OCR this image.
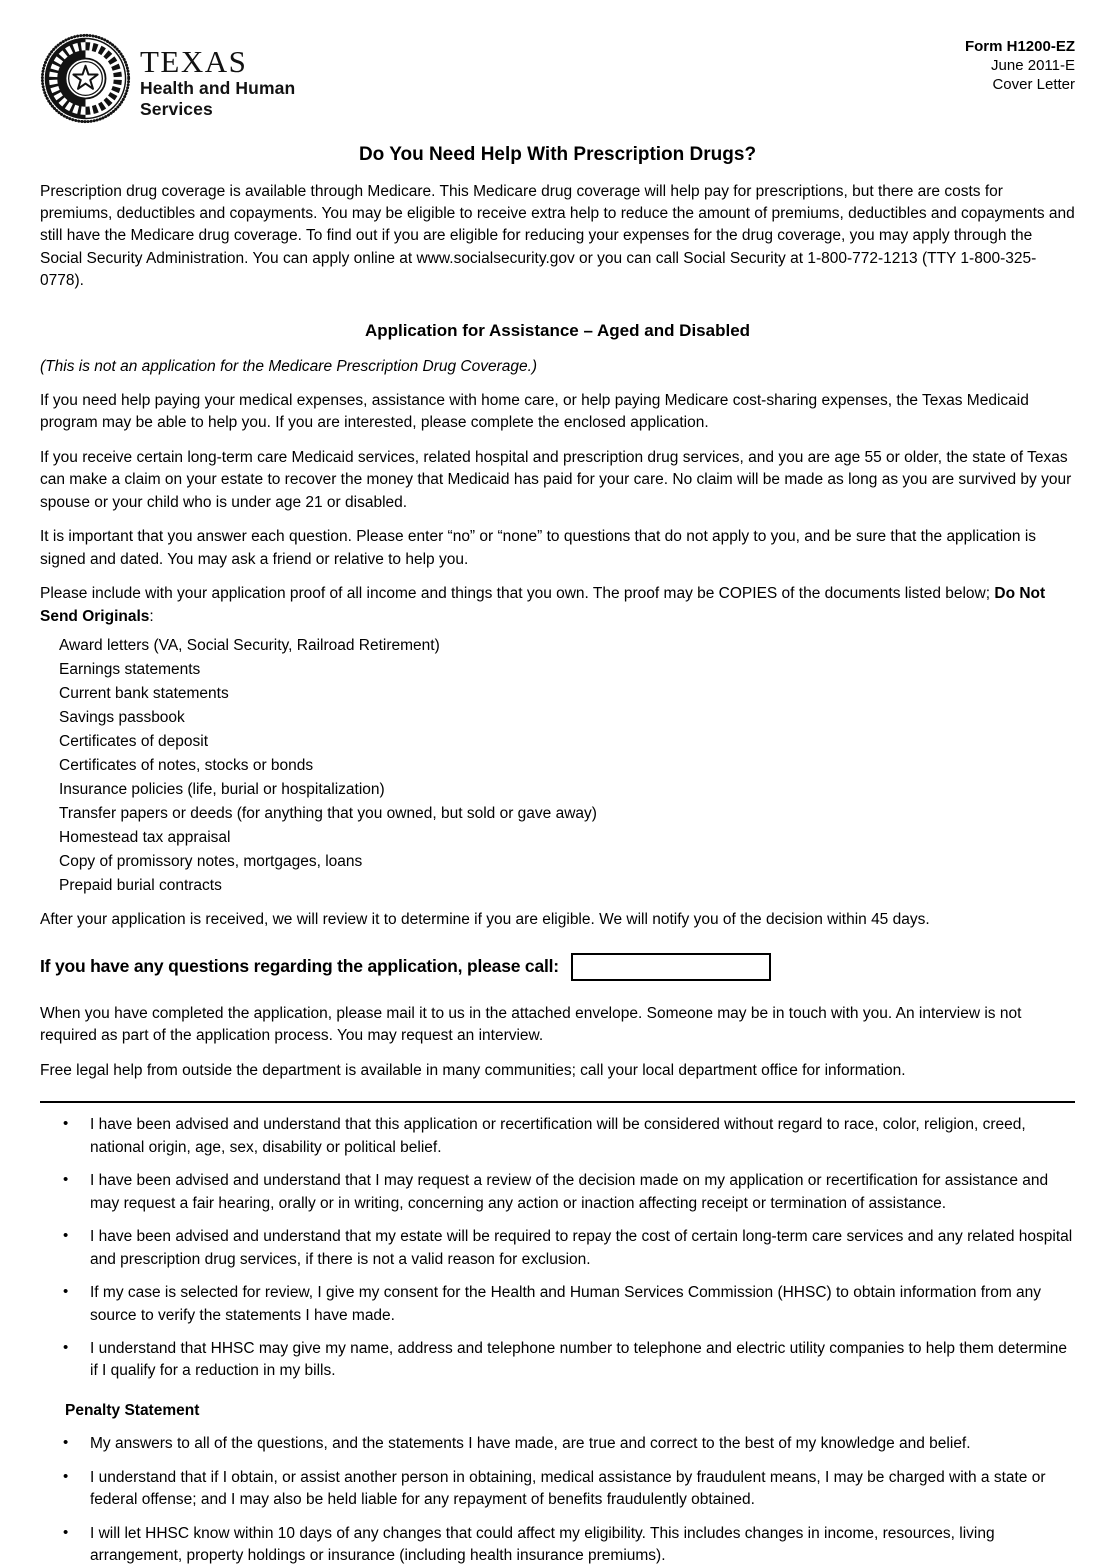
TEXAS
Health and Human
Services
Form H1200-EZ
June 2011-E
Cover Letter
Do You Need Help With Prescription Drugs?

Prescription drug coverage is available through Medicare. This Medicare drug coverage will help pay for prescriptions, but there are costs for premiums, deductibles and copayments. You may be eligible to receive extra help to reduce the amount of premiums, deductibles and copayments and still have the Medicare drug coverage. To find out if you are eligible for reducing your expenses for the drug coverage, you may apply through the Social Security Administration. You can apply online at www.socialsecurity.gov or you can call Social Security at 1-800-772-1213 (TTY 1-800-325-0778).

Application for Assistance – Aged and Disabled

(This is not an application for the Medicare Prescription Drug Coverage.)

If you need help paying your medical expenses, assistance with home care, or help paying Medicare cost-sharing expenses, the Texas Medicaid program may be able to help you. If you are interested, please complete the enclosed application.

If you receive certain long-term care Medicaid services, related hospital and prescription drug services, and you are age 55 or older, the state of Texas can make a claim on your estate to recover the money that Medicaid has paid for your care. No claim will be made as long as you are survived by your spouse or your child who is under age 21 or disabled.

It is important that you answer each question. Please enter “no” or “none” to questions that do not apply to you, and be sure that the application is signed and dated. You may ask a friend or relative to help you.

Please include with your application proof of all income and things that you own. The proof may be COPIES of the documents listed below; Do Not Send Originals:

Award letters (VA, Social Security, Railroad Retirement)
Earnings statements
Current bank statements
Savings passbook
Certificates of deposit
Certificates of notes, stocks or bonds
Insurance policies (life, burial or hospitalization)
Transfer papers or deeds (for anything that you owned, but sold or gave away)
Homestead tax appraisal
Copy of promissory notes, mortgages, loans
Prepaid burial contracts

After your application is received, we will review it to determine if you are eligible. We will notify you of the decision within 45 days.

If you have any questions regarding the application, please call:

When you have completed the application, please mail it to us in the attached envelope. Someone may be in touch with you. An interview is not required as part of the application process. You may request an interview.

Free legal help from outside the department is available in many communities; call your local department office for information.

• I have been advised and understand that this application or recertification will be considered without regard to race, color, religion, creed, national origin, age, sex, disability or political belief.
• I have been advised and understand that I may request a review of the decision made on my application or recertification for assistance and may request a fair hearing, orally or in writing, concerning any action or inaction affecting receipt or termination of assistance.
• I have been advised and understand that my estate will be required to repay the cost of certain long-term care services and any related hospital and prescription drug services, if there is not a valid reason for exclusion.
• If my case is selected for review, I give my consent for the Health and Human Services Commission (HHSC) to obtain information from any source to verify the statements I have made.
• I understand that HHSC may give my name, address and telephone number to telephone and electric utility companies to help them determine if I qualify for a reduction in my bills.
Penalty Statement
• My answers to all of the questions, and the statements I have made, are true and correct to the best of my knowledge and belief.
• I understand that if I obtain, or assist another person in obtaining, medical assistance by fraudulent means, I may be charged with a state or federal offense; and I may also be held liable for any repayment of benefits fraudulently obtained.
• I will let HHSC know within 10 days of any changes that could affect my eligibility. This includes changes in income, resources, living arrangement, property holdings or insurance (including health insurance premiums).
